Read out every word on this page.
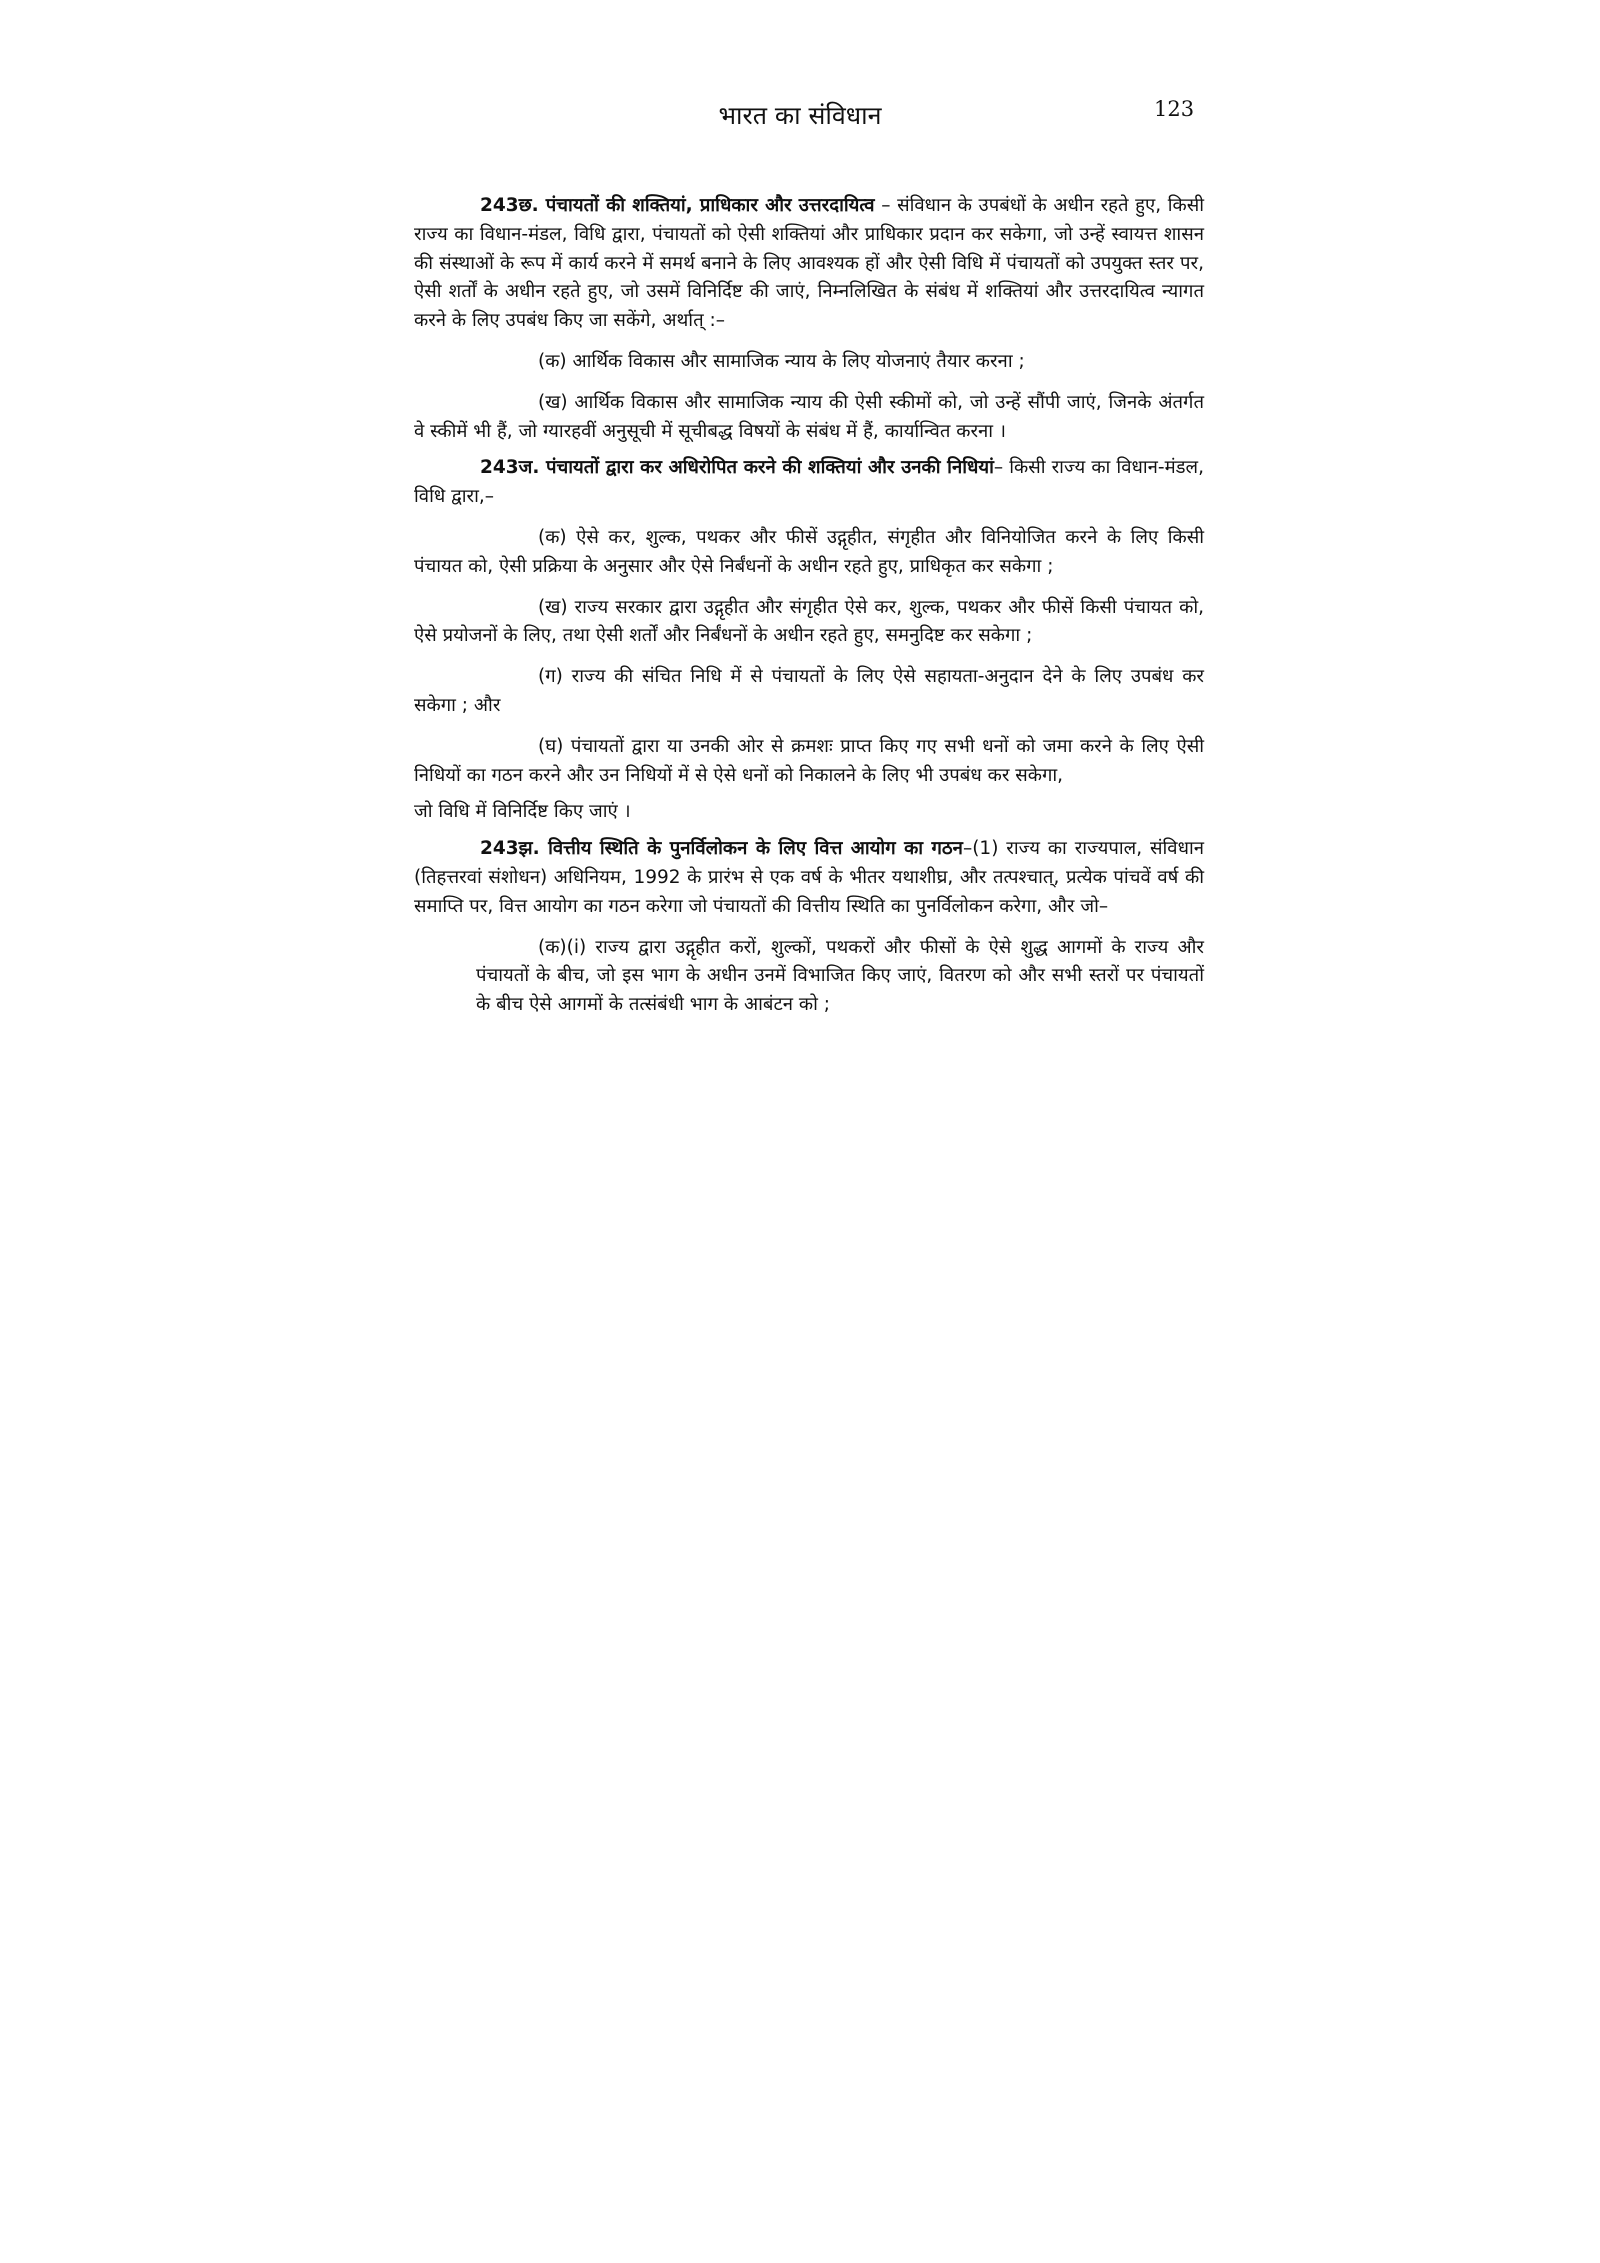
भारत का संविधान	123

243छ. पंचायतों की शक्तियां, प्राधिकार और उत्तरदायित्व – संविधान के उपबंधों के अधीन रहते हुए, किसी राज्य का विधान-मंडल, विधि द्वारा, पंचायतों को ऐसी शक्तियां और प्राधिकार प्रदान कर सकेगा, जो उन्हें स्वायत्त शासन की संस्थाओं के रूप में कार्य करने में समर्थ बनाने के लिए आवश्यक हों और ऐसी विधि में पंचायतों को उपयुक्त स्तर पर, ऐसी शर्तों के अधीन रहते हुए, जो उसमें विनिर्दिष्ट की जाएं, निम्नलिखित के संबंध में शक्तियां और उत्तरदायित्व न्यागत करने के लिए उपबंध किए जा सकेंगे, अर्थात् :–

(क) आर्थिक विकास और सामाजिक न्याय के लिए योजनाएं तैयार करना ;

(ख) आर्थिक विकास और सामाजिक न्याय की ऐसी स्कीमों को, जो उन्हें सौंपी जाएं, जिनके अंतर्गत वे स्कीमें भी हैं, जो ग्यारहवीं अनुसूची में सूचीबद्ध विषयों के संबंध में हैं, कार्यान्वित करना ।

243ज. पंचायतों द्वारा कर अधिरोपित करने की शक्तियां और उनकी निधियां– किसी राज्य का विधान-मंडल, विधि द्वारा,–

(क) ऐसे कर, शुल्क, पथकर और फीसें उद्गृहीत, संगृहीत और विनियोजित करने के लिए किसी पंचायत को, ऐसी प्रक्रिया के अनुसार और ऐसे निर्बंधनों के अधीन रहते हुए, प्राधिकृत कर सकेगा ;

(ख) राज्य सरकार द्वारा उद्गृहीत और संगृहीत ऐसे कर, शुल्क, पथकर और फीसें किसी पंचायत को, ऐसे प्रयोजनों के लिए, तथा ऐसी शर्तों और निर्बंधनों के अधीन रहते हुए, समनुदिष्ट कर सकेगा ;

(ग) राज्य की संचित निधि में से पंचायतों के लिए ऐसे सहायता-अनुदान देने के लिए उपबंध कर सकेगा ; और

(घ) पंचायतों द्वारा या उनकी ओर से क्रमशः प्राप्त किए गए सभी धनों को जमा करने के लिए ऐसी निधियों का गठन करने और उन निधियों में से ऐसे धनों को निकालने के लिए भी उपबंध कर सकेगा,

जो विधि में विनिर्दिष्ट किए जाएं ।

243झ. वित्तीय स्थिति के पुनर्विलोकन के लिए वित्त आयोग का गठन–(1) राज्य का राज्यपाल, संविधान (तिहत्तरवां संशोधन) अधिनियम, 1992 के प्रारंभ से एक वर्ष के भीतर यथाशीघ्र, और तत्पश्चात्, प्रत्येक पांचवें वर्ष की समाप्ति पर, वित्त आयोग का गठन करेगा जो पंचायतों की वित्तीय स्थिति का पुनर्विलोकन करेगा, और जो–

(क)(i) राज्य द्वारा उद्गृहीत करों, शुल्कों, पथकरों और फीसों के ऐसे शुद्ध आगमों के राज्य और पंचायतों के बीच, जो इस भाग के अधीन उनमें विभाजित किए जाएं, वितरण को और सभी स्तरों पर पंचायतों के बीच ऐसे आगमों के तत्संबंधी भाग के आबंटन को ;
